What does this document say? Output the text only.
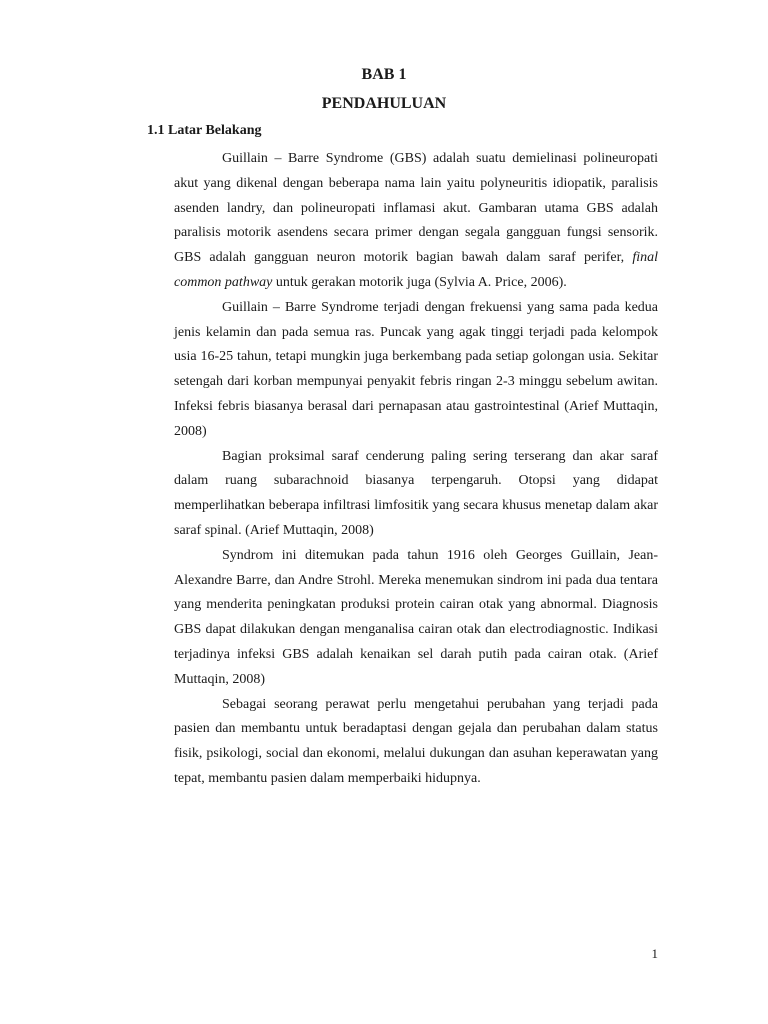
BAB 1
PENDAHULUAN
1.1 Latar Belakang

Guillain – Barre Syndrome (GBS) adalah suatu demielinasi polineuropati akut yang dikenal dengan beberapa nama lain yaitu polyneuritis idiopatik, paralisis asenden landry, dan polineuropati inflamasi akut. Gambaran utama GBS adalah paralisis motorik asendens secara primer dengan segala gangguan fungsi sensorik. GBS adalah gangguan neuron motorik bagian bawah dalam saraf perifer, final common pathway untuk gerakan motorik juga (Sylvia A. Price, 2006).

Guillain – Barre Syndrome terjadi dengan frekuensi yang sama pada kedua jenis kelamin dan pada semua ras. Puncak yang agak tinggi terjadi pada kelompok usia 16-25 tahun, tetapi mungkin juga berkembang pada setiap golongan usia. Sekitar setengah dari korban mempunyai penyakit febris ringan 2-3 minggu sebelum awitan. Infeksi febris biasanya berasal dari pernapasan atau gastrointestinal (Arief Muttaqin, 2008)

Bagian proksimal saraf cenderung paling sering terserang dan akar saraf dalam ruang subarachnoid biasanya terpengaruh. Otopsi yang didapat memperlihatkan beberapa infiltrasi limfositik yang secara khusus menetap dalam akar saraf spinal. (Arief Muttaqin, 2008)

Syndrom ini ditemukan pada tahun 1916 oleh Georges Guillain, Jean-Alexandre Barre, dan Andre Strohl. Mereka menemukan sindrom ini pada dua tentara yang menderita peningkatan produksi protein cairan otak yang abnormal. Diagnosis GBS dapat dilakukan dengan menganalisa cairan otak dan electrodiagnostic. Indikasi terjadinya infeksi GBS adalah kenaikan sel darah putih pada cairan otak. (Arief Muttaqin, 2008)

Sebagai seorang perawat perlu mengetahui perubahan yang terjadi pada pasien dan membantu untuk beradaptasi dengan gejala dan perubahan dalam status fisik, psikologi, social dan ekonomi, melalui dukungan dan asuhan keperawatan yang tepat, membantu pasien dalam memperbaiki hidupnya.

1
